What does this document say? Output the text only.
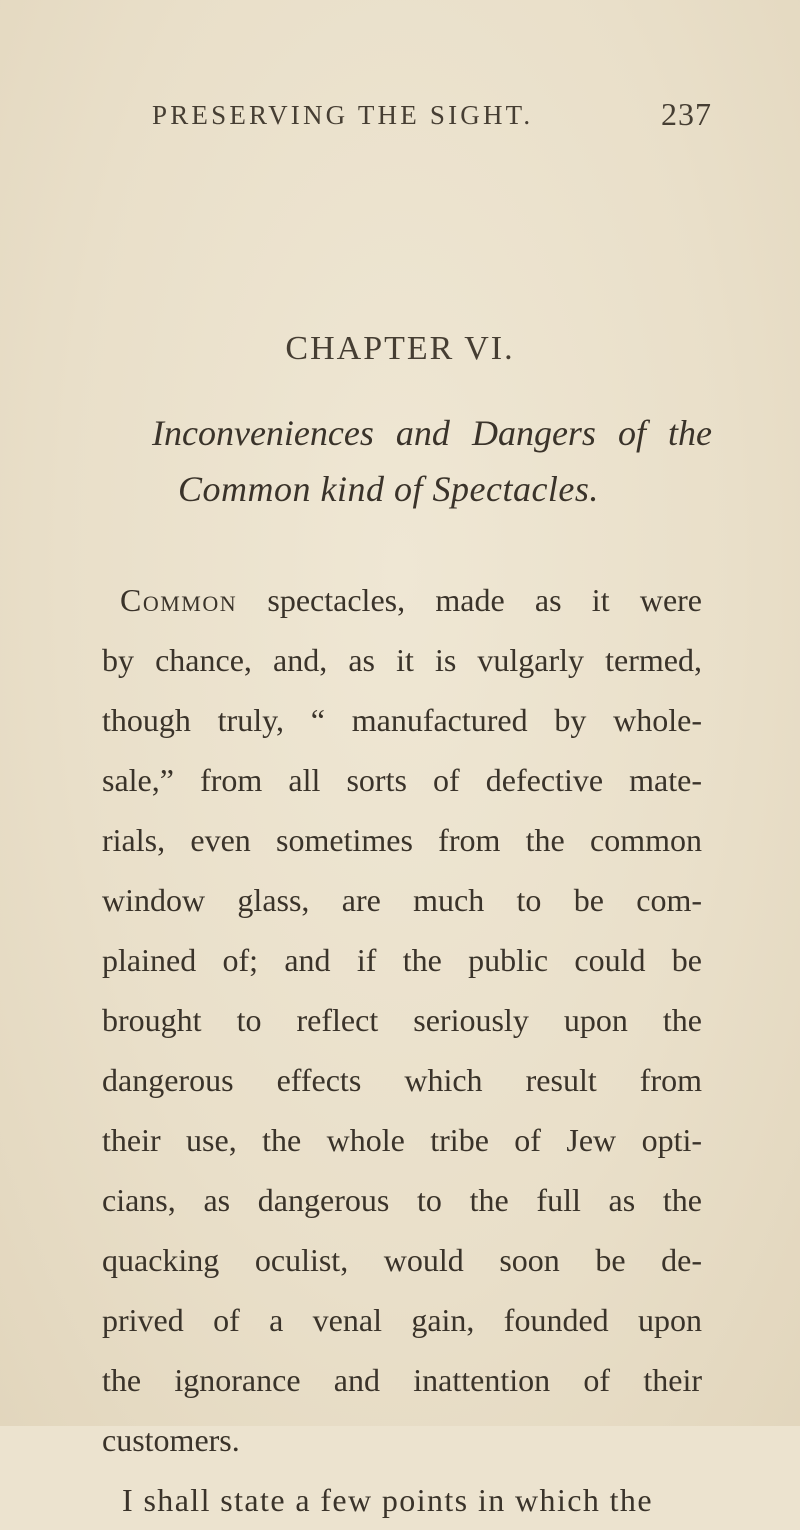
PRESERVING THE SIGHT.	237
CHAPTER VI.
Inconveniences and Dangers of the
Common kind of Spectacles.
Common spectacles, made as it were
by chance, and, as it is vulgarly termed,
though truly, “ manufactured by whole-
sale,” from all sorts of defective mate-
rials, even sometimes from the common
window glass, are much to be com-
plained of; and if the public could be
brought to reflect seriously upon the
dangerous effects which result from
their use, the whole tribe of Jew opti-
cians, as dangerous to the full as the
quacking oculist, would soon be de-
prived of a venal gain, founded upon
the ignorance and inattention of their
customers.
I shall state a few points in which the
